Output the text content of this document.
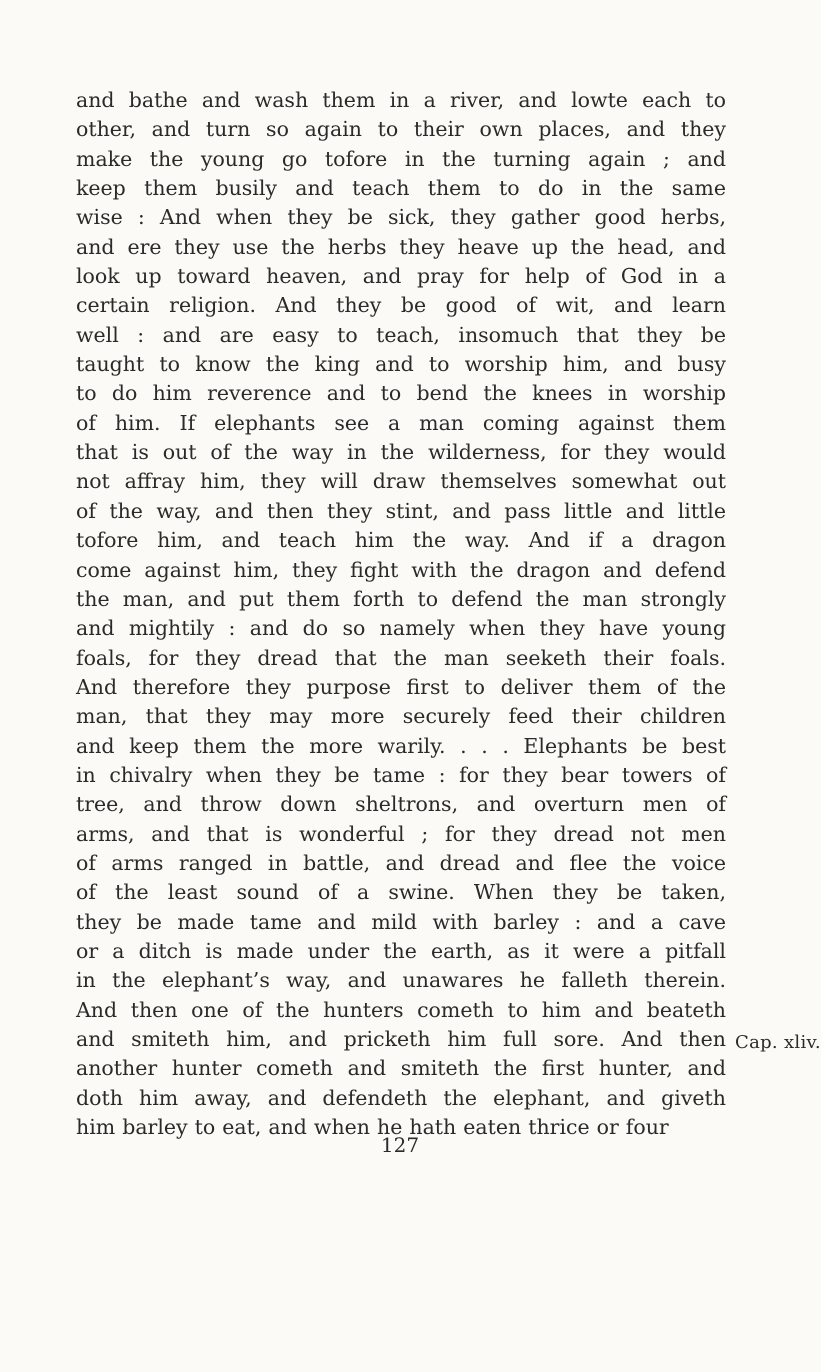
and bathe and wash them in a river, and lowte each to
other, and turn so again to their own places, and they
make the young go tofore in the turning again ; and
keep them busily and teach them to do in the same
wise : And when they be sick, they gather good herbs,
and ere they use the herbs they heave up the head, and
look up toward heaven, and pray for help of God in a
certain religion. And they be good of wit, and learn
well : and are easy to teach, insomuch that they be
taught to know the king and to worship him, and busy
to do him reverence and to bend the knees in worship
of him. If elephants see a man coming against them
that is out of the way in the wilderness, for they would
not affray him, they will draw themselves somewhat out
of the way, and then they stint, and pass little and little
tofore him, and teach him the way. And if a dragon
come against him, they fight with the dragon and defend
the man, and put them forth to defend the man strongly
and mightily : and do so namely when they have young
foals, for they dread that the man seeketh their foals.
And therefore they purpose first to deliver them of the
man, that they may more securely feed their children
and keep them the more warily. . . . Elephants be best
in chivalry when they be tame : for they bear towers of
tree, and throw down sheltrons, and overturn men of
arms, and that is wonderful ; for they dread not men
of arms ranged in battle, and dread and flee the voice
of the least sound of a swine. When they be taken,
they be made tame and mild with barley : and a cave
or a ditch is made under the earth, as it were a pitfall
in the elephant’s way, and unawares he falleth therein.
And then one of the hunters cometh to him and beateth
and smiteth him, and pricketh him full sore. And then
another hunter cometh and smiteth the first hunter, and
doth him away, and defendeth the elephant, and giveth
him barley to eat, and when he hath eaten thrice or four
Cap. xliv.
127
